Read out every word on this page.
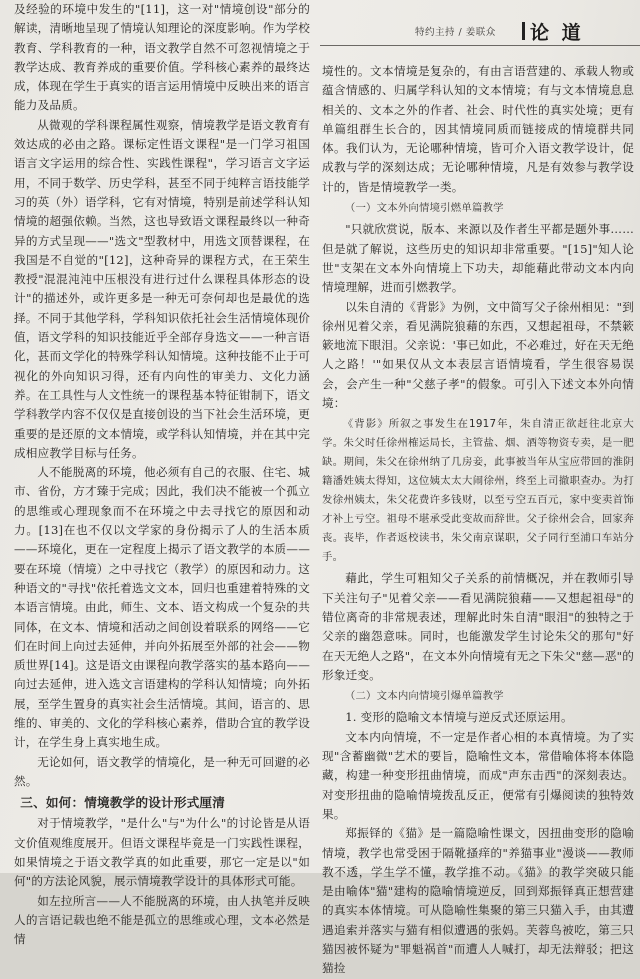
特约主持 / 姜联众 论 道

及经验的环境中发生的"[11]，这一对"情境创设"部分的解读，清晰地呈现了情境认知理论的深度影响。作为学校教育、学科教育的一种，语文教学自然不可忽视情境之于教学达成、教育养成的重要价值。学科核心素养的最终达成，体现在学生于真实的语言运用情境中反映出来的语言能力及品质。

从微观的学科课程属性观察，情境教学是语文教育有效达成的必由之路。课标定性语文课程"是一门学习祖国语言文字运用的综合性、实践性课程"，学习语言文字运用，不同于数学、历史学科，甚至不同于纯粹言语技能学习的英（外）语学科，它有对情境，特别是前述学科认知情境的超强依赖。当然，这也导致语文课程最终以一种奇异的方式呈现——"选文"型教材中，用选文顶替课程，在我国是不自觉的"[12]，这种奇异的课程方式，在王荣生教授"混混沌沌中压根没有进行过什么课程具体形态的设计"的描述外，或许更多是一种无可奈何却也是最优的选择。不同于其他学科，学科知识依托社会生活情境体现价值，语文学科的知识技能近乎全部存身选文——一种言语化，甚而文学化的特殊学科认知情境。这种技能不止于可视化的外向知识习得，还有内向性的审美力、文化力涵养。在工具性与人文性统一的课程基本特征钳制下，语文学科教学内容不仅仅是直接创设的当下社会生活环境，更重要的是还原的文本情境，或学科认知情境，并在其中完成相应教学目标与任务。

人不能脱离的环境，他必须有自己的衣服、住宅、城市、省份，方才臻于完成；因此，我们决不能被一个孤立的思维或心理现象而不在环境之中去寻找它的原因和动力。[13]在也不仅以文学家的身份揭示了人的生活本质——环境化，更在一定程度上揭示了语文教学的本质——要在环境（情境）之中寻找它（教学）的原因和动力。这种语文的"寻找"依托着选文文本，回归也重建着特殊的文本语言情境。由此，师生、文本、语文构成一个复杂的共同体，在文本、情境和活动之间创设着联系的网络——它们在时间上向过去延伸，并向外拓展至外部的社会——物质世界[14]。这是语文由课程向教学落实的基本路向——向过去延伸，进入选文言语建构的学科认知情境；向外拓展，至学生置身的真实社会生活情境。其间，语言的、思维的、审美的、文化的学科核心素养，借助合宜的教学设计，在学生身上真实地生成。

无论如何，语文教学的情境化，是一种无可回避的必然。

三、如何：情境教学的设计形式厘清

对于情境教学，"是什么"与"为什么"的讨论皆是从语文价值观维度展开。但语文课程毕竟是一门实践性课程，如果情境之于语文教学真的如此重要，那它一定是以"如何"的方法论风貌，展示情境教学设计的具体形式可能。

如左拉所言——人不能脱离的环境，由人执笔并反映人的言语记载也绝不能是孤立的思维或心理，文本必然是情

境性的。文本情境是复杂的，有由言语营建的、承载人物或蕴含情感的、归属学科认知的文本情境；有与文本情境息息相关的、文本之外的作者、社会、时代性的真实处境；更有单篇组群生长合的，因其情境同质而链接成的情境群共同体。我们认为，无论哪种情境，皆可介入语文教学设计，促成教与学的深刻达成；无论哪种情境，凡是有效参与教学设计的，皆是情境教学一类。

（一）文本外向情境引燃单篇教学

"只就欣赏说，版本、来源以及作者生平都是题外事……但是就了解说，这些历史的知识却非常重要。"[15]"知人论世"支架在文本外向情境上下功夫，却能藉此带动文本内向情境理解，进而引燃教学。

以朱自清的《背影》为例，文中简写父子徐州相见："到徐州见着父亲，看见满院狼藉的东西，又想起祖母，不禁簌簌地流下眼泪。父亲说：'事已如此，不必难过，好在天无绝人之路！'"如果仅从文本表层言语情境看，学生很容易误会，会产生一种"父慈子孝"的假象。可引入下述文本外向情境：

《背影》所叙之事发生在1917年，朱自清正欲赶往北京大学。朱父时任徐州榷运局长，主管盐、烟、酒等物资专卖，是一肥缺。期间，朱父在徐州纳了几房妾，此事被当年从宝应带回的淮阴籍潘姓姨太得知，这位姨太太大闹徐州，终至上司撤职查办。为打发徐州姨太，朱父花费许多钱财，以至亏空五百元，家中变卖首饰才补上亏空。祖母不堪承受此变故而辞世。父子徐州会合，回家奔丧。丧毕，作者返校读书，朱父南京谋职，父子同行至浦口车站分手。

藉此，学生可粗知父子关系的前情概况，并在教师引导下关注句子"见着父亲——看见满院狼藉——又想起祖母"的错位离奇的非常规表述，理解此时朱自清"眼泪"的独特之于父亲的幽怨意味。同时，也能激发学生讨论朱父的那句"好在天无绝人之路"，在文本外向情境有无之下朱父"慈—恶"的形象迁变。

（二）文本内向情境引爆单篇教学

1. 变形的隐喻文本情境与逆反式还原运用。

文本内向情境，不一定是作者心相的本真情境。为了实现"含蓄幽微"艺术的要旨，隐喻性文本，常借喻体将本体隐藏，构建一种变形扭曲情境，而成"声东击西"的深刻表达。对变形扭曲的隐喻情境拨乱反正，便常有引爆阅读的独特效果。

郑振铎的《猫》是一篇隐喻性课文，因扭曲变形的隐喻情境，教学也常受困于隔靴搔痒的"养猫事业"漫谈——教师教不透，学生学不懂，教学推不动。《猫》的教学突破只能是由喻体"猫"建构的隐喻情境逆反，回到郑振铎真正想营建的真实本体情境。可从隐喻性集聚的第三只猫入手，由其遭遇追索并落实与猫有相似遭遇的张妈。芙蓉鸟被吃，第三只猫因被怀疑为"罪魁祸首"而遭人人喊打，却无法辩驳；把这猫捡
